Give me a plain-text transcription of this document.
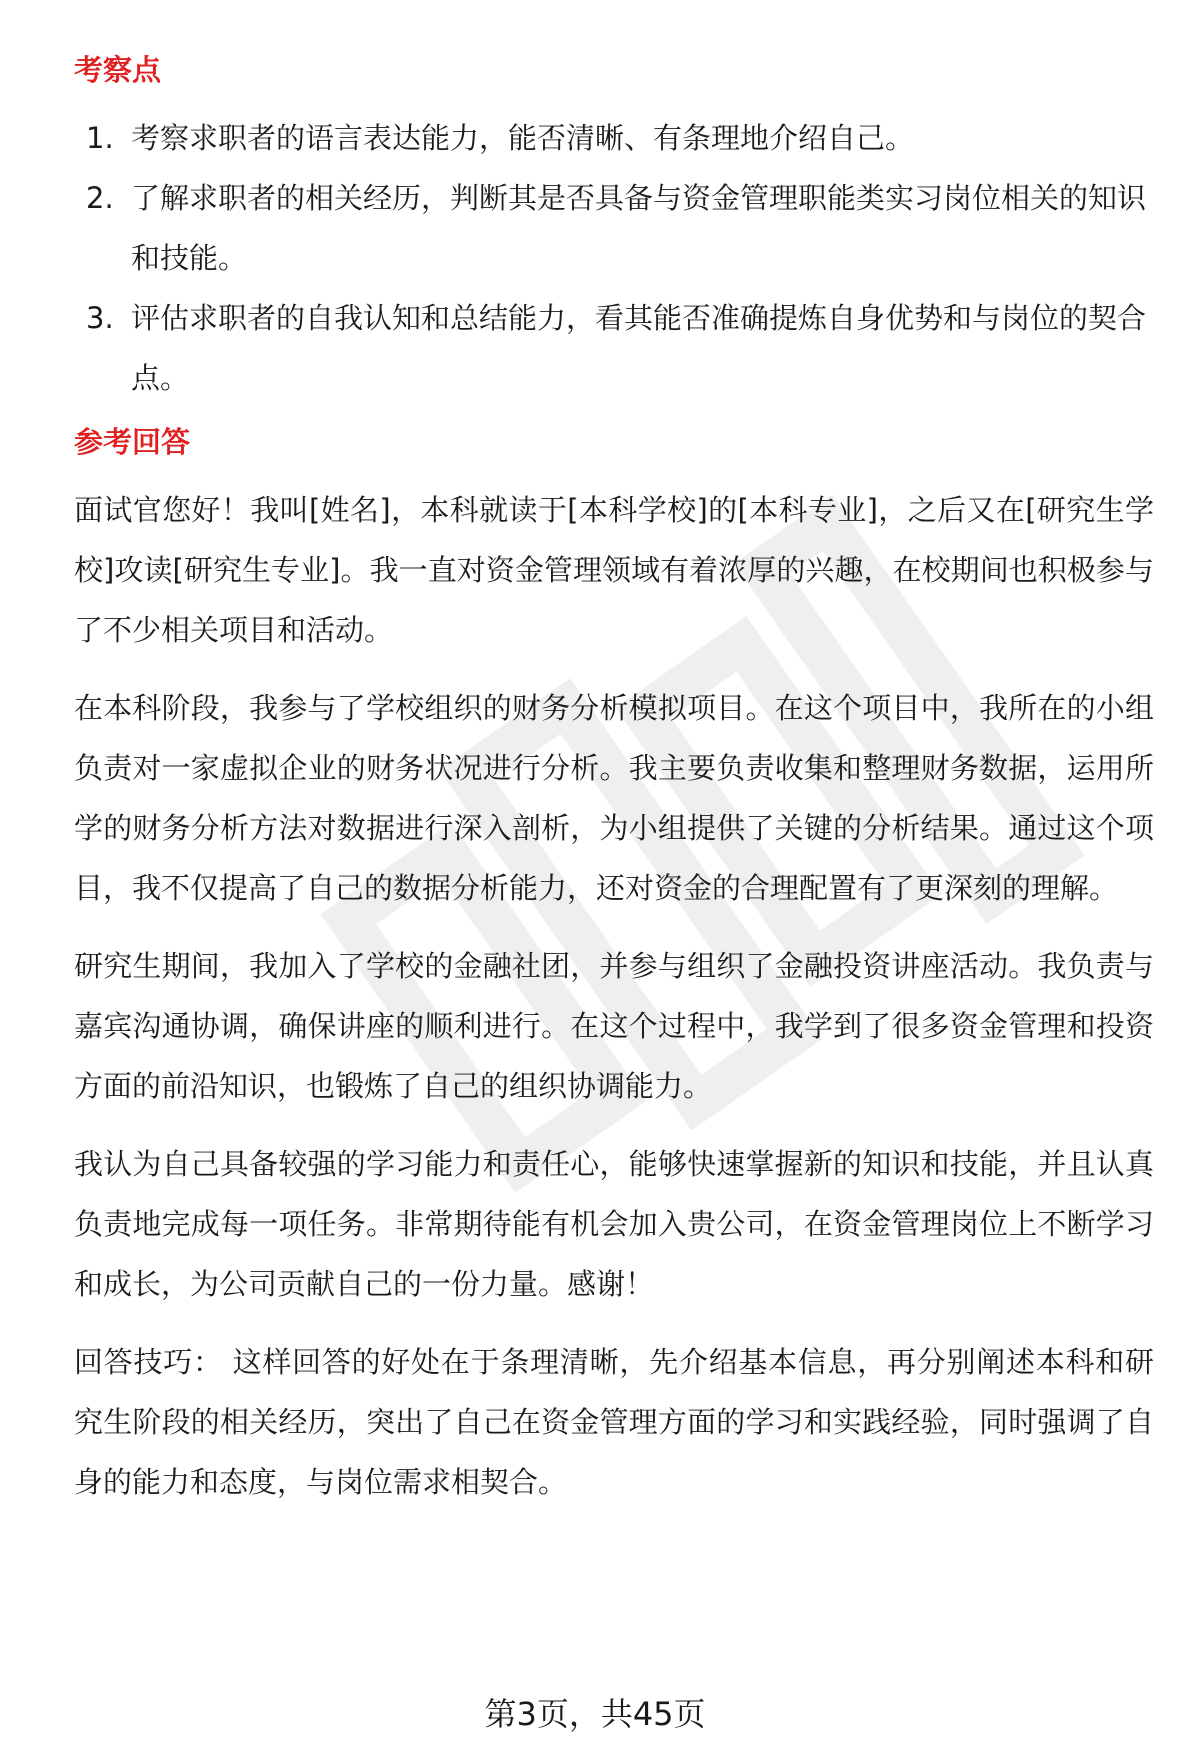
考察点
1. 考察求职者的语言表达能力，能否清晰、有条理地介绍自己。
2. 了解求职者的相关经历，判断其是否具备与资金管理职能类实习岗位相关的知识和技能。
3. 评估求职者的自我认知和总结能力，看其能否准确提炼自身优势和与岗位的契合点。
参考回答

面试官您好！我叫[姓名]，本科就读于[本科学校]的[本科专业]，之后又在[研究生学校]攻读[研究生专业]。我一直对资金管理领域有着浓厚的兴趣，在校期间也积极参与了不少相关项目和活动。

在本科阶段，我参与了学校组织的财务分析模拟项目。在这个项目中，我所在的小组负责对一家虚拟企业的财务状况进行分析。我主要负责收集和整理财务数据，运用所学的财务分析方法对数据进行深入剖析，为小组提供了关键的分析结果。通过这个项目，我不仅提高了自己的数据分析能力，还对资金的合理配置有了更深刻的理解。

研究生期间，我加入了学校的金融社团，并参与组织了金融投资讲座活动。我负责与嘉宾沟通协调，确保讲座的顺利进行。在这个过程中，我学到了很多资金管理和投资方面的前沿知识，也锻炼了自己的组织协调能力。

我认为自己具备较强的学习能力和责任心，能够快速掌握新的知识和技能，并且认真负责地完成每一项任务。非常期待能有机会加入贵公司，在资金管理岗位上不断学习和成长，为公司贡献自己的一份力量。感谢！

回答技巧： 这样回答的好处在于条理清晰，先介绍基本信息，再分别阐述本科和研究生阶段的相关经历，突出了自己在资金管理方面的学习和实践经验，同时强调了自身的能力和态度，与岗位需求相契合。

第3页，共45页
